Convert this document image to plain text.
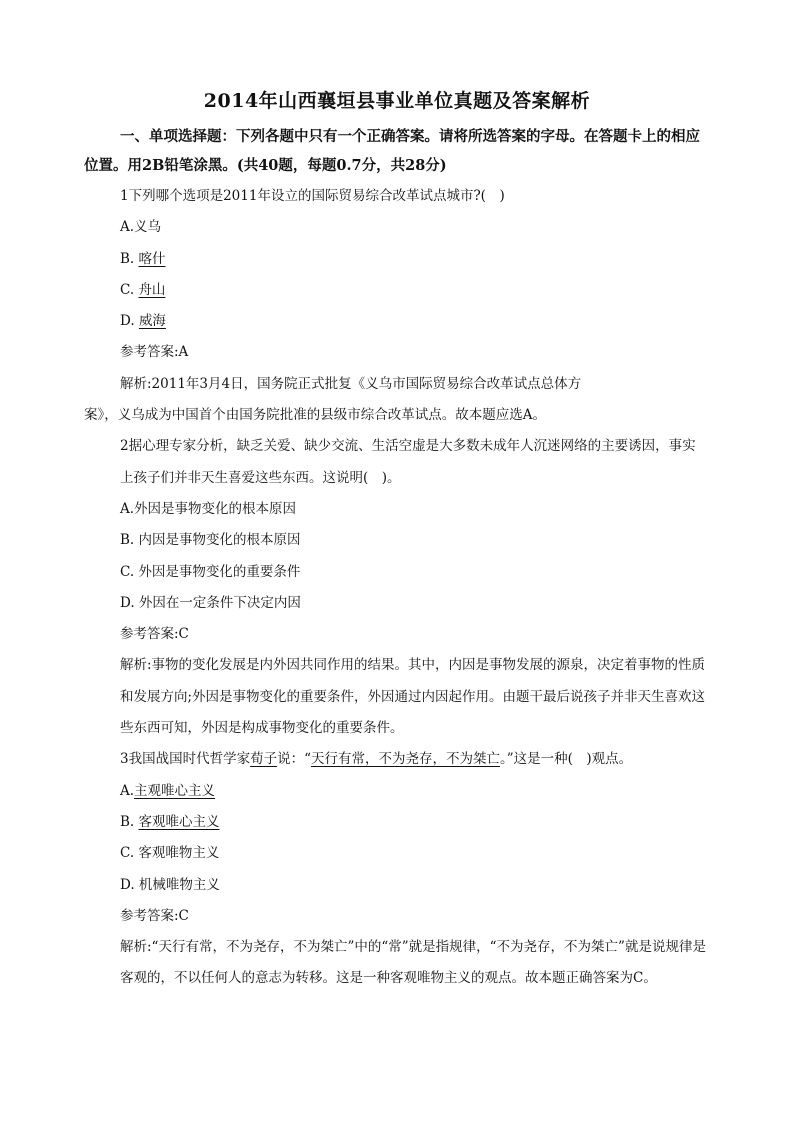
2014年山西襄垣县事业单位真题及答案解析

一、单项选择题：下列各题中只有一个正确答案。请将所选答案的字母。在答题卡上的相应位置。用2B铅笔涂黑。(共40题，每题0.7分，共28分)

1下列哪个选项是2011年设立的国际贸易综合改革试点城市?(　)

A.义乌

B. 喀什

C. 舟山

D. 威海

参考答案:A

解析:2011年3月4日，国务院正式批复《义乌市国际贸易综合改革试点总体方

案》，义乌成为中国首个由国务院批准的县级市综合改革试点。故本题应选A。

2据心理专家分析，缺乏关爱、缺少交流、生活空虚是大多数未成年人沉迷网络的主要诱因，事实上孩子们并非天生喜爱这些东西。这说明(　)。

A.外因是事物变化的根本原因

B. 内因是事物变化的根本原因

C. 外因是事物变化的重要条件

D. 外因在一定条件下决定内因

参考答案:C

解析:事物的变化发展是内外因共同作用的结果。其中，内因是事物发展的源泉，决定着事物的性质和发展方向;外因是事物变化的重要条件，外因通过内因起作用。由题干最后说孩子并非天生喜欢这些东西可知，外因是构成事物变化的重要条件。

3我国战国时代哲学家荀子说：“天行有常，不为尧存，不为桀亡。”这是一种(　)观点。

A.主观唯心主义

B. 客观唯心主义

C. 客观唯物主义

D. 机械唯物主义

参考答案:C

解析:“天行有常，不为尧存，不为桀亡”中的“常”就是指规律，“不为尧存，不为桀亡”就是说规律是客观的，不以任何人的意志为转移。这是一种客观唯物主义的观点。故本题正确答案为C。
